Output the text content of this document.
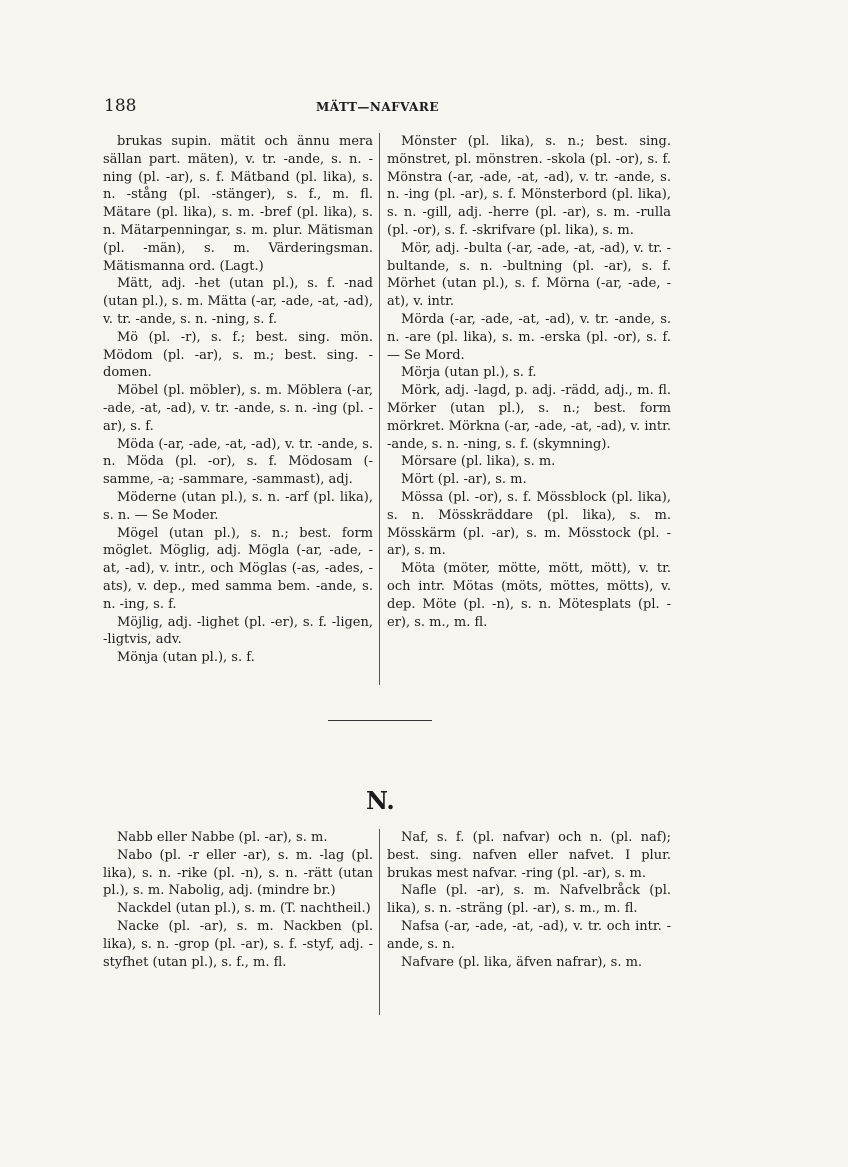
188	MÄTT—NAFVARE

brukas supin. mätit och ännu mera sällan part. mäten), v. tr. -ande, s. n. -ning (pl. -ar), s. f. Mätband (pl. lika), s. n. -stång (pl. -stänger), s. f., m. fl. Mätare (pl. lika), s. m. -bref (pl. lika), s. n. Mätarpenningar, s. m. plur. Mätisman (pl. -män), s. m. Värderingsman. Mätismanna ord. (Lagt.)

Mätt, adj. -het (utan pl.), s. f. -nad (utan pl.), s. m. Mätta (-ar, -ade, -at, -ad), v. tr. -ande, s. n. -ning, s. f.

Mö (pl. -r), s. f.; best. sing. mön. Mödom (pl. -ar), s. m.; best. sing. -domen.

Möbel (pl. möbler), s. m. Möblera (-ar, -ade, -at, -ad), v. tr. -ande, s. n. -ing (pl. -ar), s. f.

Möda (-ar, -ade, -at, -ad), v. tr. -ande, s. n. Möda (pl. -or), s. f. Mödosam (-samme, -a; -sammare, -sammast), adj.

Möderne (utan pl.), s. n. -arf (pl. lika), s. n. — Se Moder.

Mögel (utan pl.), s. n.; best. form möglet. Möglig, adj. Mögla (-ar, -ade, -at, -ad), v. intr., och Möglas (-as, -ades, -ats), v. dep., med samma bem. -ande, s. n. -ing, s. f.

Möjlig, adj. -lighet (pl. -er), s. f. -ligen, -ligtvis, adv.

Mönja (utan pl.), s. f.

Mönster (pl. lika), s. n.; best. sing. mönstret, pl. mönstren. -skola (pl. -or), s. f. Mönstra (-ar, -ade, -at, -ad), v. tr. -ande, s. n. -ing (pl. -ar), s. f. Mönsterbord (pl. lika), s. n. -gill, adj. -herre (pl. -ar), s. m. -rulla (pl. -or), s. f. -skrifvare (pl. lika), s. m.

Mör, adj. -bulta (-ar, -ade, -at, -ad), v. tr. -bultande, s. n. -bultning (pl. -ar), s. f. Mörhet (utan pl.), s. f. Mörna (-ar, -ade, -at), v. intr.

Mörda (-ar, -ade, -at, -ad), v. tr. -ande, s. n. -are (pl. lika), s. m. -erska (pl. -or), s. f. — Se Mord.

Mörja (utan pl.), s. f.

Mörk, adj. -lagd, p. adj. -rädd, adj., m. fl. Mörker (utan pl.), s. n.; best. form mörkret. Mörkna (-ar, -ade, -at, -ad), v. intr. -ande, s. n. -ning, s. f. (skymning).

Mörsare (pl. lika), s. m.

Mört (pl. -ar), s. m.

Mössa (pl. -or), s. f. Mössblock (pl. lika), s. n. Mösskräddare (pl. lika), s. m. Mösskärm (pl. -ar), s. m. Mösstock (pl. -ar), s. m.

Möta (möter, mötte, mött, mött), v. tr. och intr. Mötas (möts, möttes, mötts), v. dep. Möte (pl. -n), s. n. Mötesplats (pl. -er), s. m., m. fl.

N.

Nabb eller Nabbe (pl. -ar), s. m.

Nabo (pl. -r eller -ar), s. m. -lag (pl. lika), s. n. -rike (pl. -n), s. n. -rätt (utan pl.), s. m. Nabolig, adj. (mindre br.)

Nackdel (utan pl.), s. m. (T. nachtheil.)

Nacke (pl. -ar), s. m. Nackben (pl. lika), s. n. -grop (pl. -ar), s. f. -styf, adj. -styfhet (utan pl.), s. f., m. fl.

Naf, s. f. (pl. nafvar) och n. (pl. naf); best. sing. nafven eller nafvet. I plur. brukas mest nafvar. -ring (pl. -ar), s. m.

Nafle (pl. -ar), s. m. Nafvelbråck (pl. lika), s. n. -sträng (pl. -ar), s. m., m. fl.

Nafsa (-ar, -ade, -at, -ad), v. tr. och intr. -ande, s. n.

Nafvare (pl. lika, äfven nafrar), s. m.
